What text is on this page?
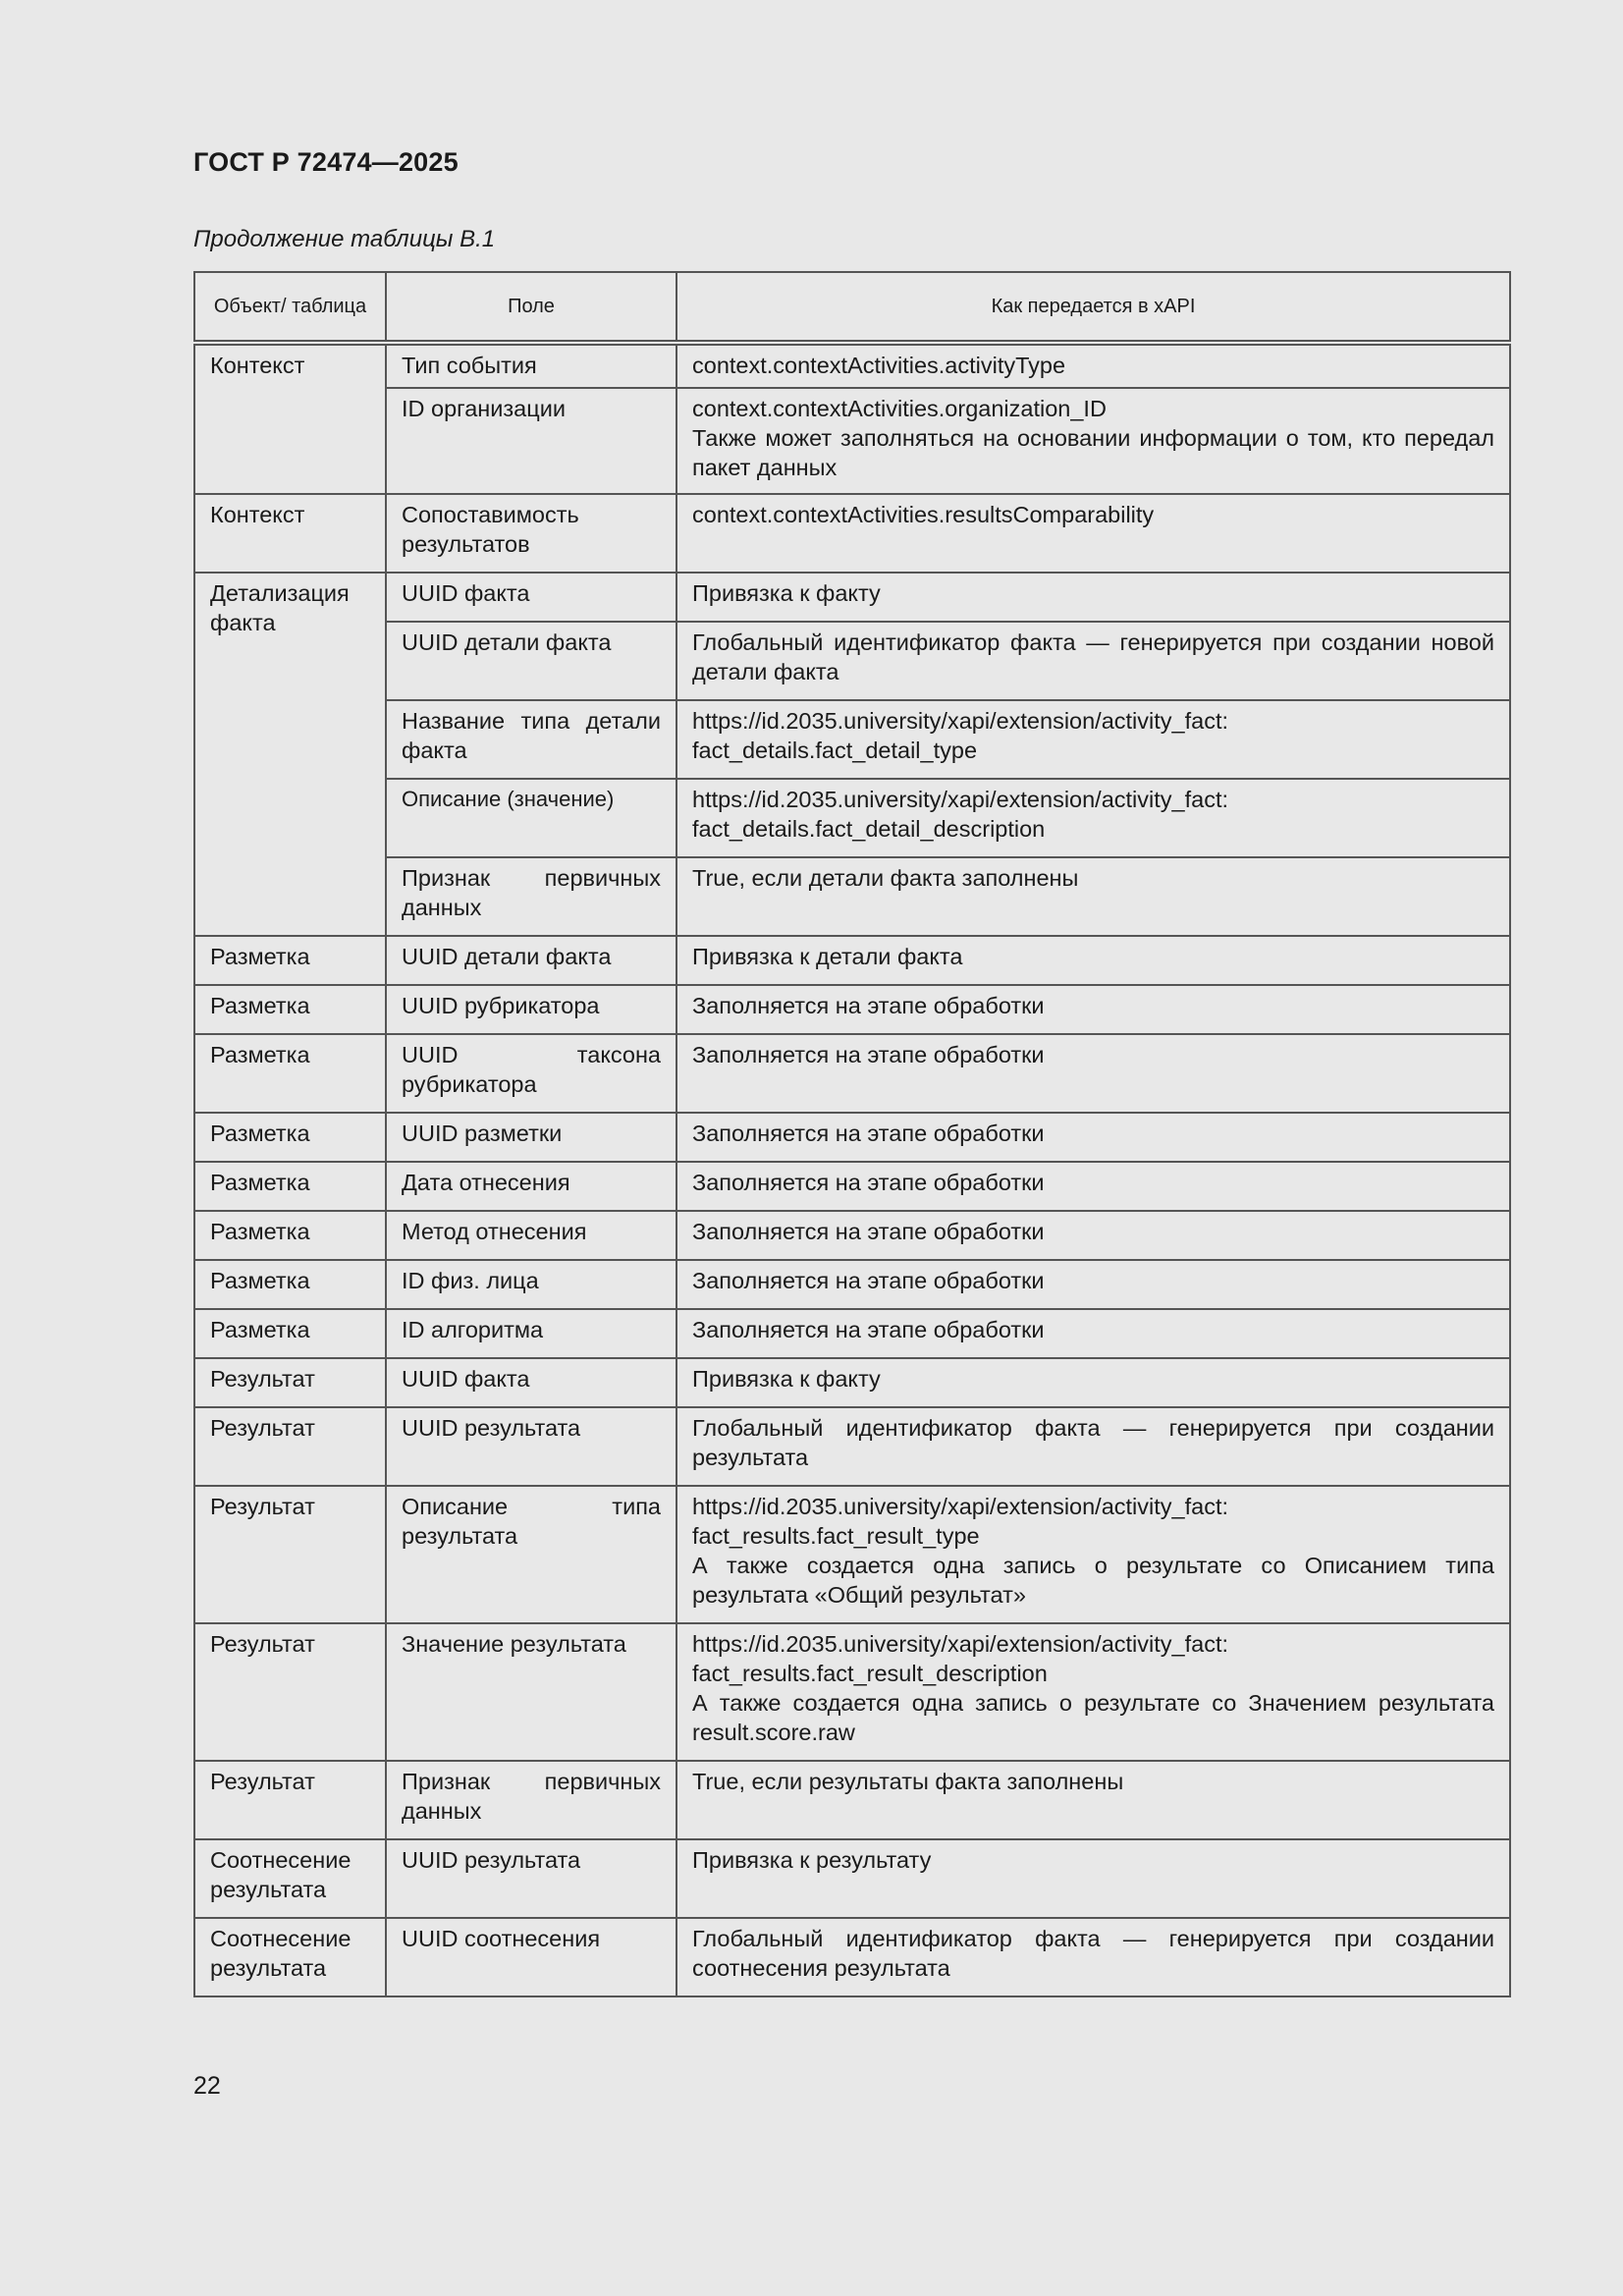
ГОСТ Р 72474—2025
Продолжение таблицы В.1
Объект/ таблица	Поле	Как передается в xAPI
Контекст	Тип события	context.contextActivities.activityType

	ID организации	context.contextActivities.organization_ID
Также может заполняться на основании информации о том, кто передал пакет данных

Контекст	Сопоставимость результатов	context.contextActivities.resultsComparability

Детализация факта	UUID факта	Привязка к факту

	UUID детали факта	Глобальный идентификатор факта — генерируется при создании новой детали факта

	Название типа детали факта	https://id.2035.university/xapi/extension/activity_fact:
fact_details.fact_detail_type

	Описание (значение)	https://id.2035.university/xapi/extension/activity_fact:
fact_details.fact_detail_description

	Признак первичных данных	True, если детали факта заполнены

Разметка	UUID детали факта	Привязка к детали факта

Разметка	UUID рубрикатора	Заполняется на этапе обработки

Разметка	UUID таксона рубрикатора	Заполняется на этапе обработки

Разметка	UUID разметки	Заполняется на этапе обработки

Разметка	Дата отнесения	Заполняется на этапе обработки

Разметка	Метод отнесения	Заполняется на этапе обработки

Разметка	ID физ. лица	Заполняется на этапе обработки

Разметка	ID алгоритма	Заполняется на этапе обработки

Результат	UUID факта	Привязка к факту

Результат	UUID результата	Глобальный идентификатор факта — генерируется при создании результата

Результат	Описание типа результата	https://id.2035.university/xapi/extension/activity_fact:
fact_results.fact_result_type
А также создается одна запись о результате со Описанием типа результата «Общий результат»

Результат	Значение результата	https://id.2035.university/xapi/extension/activity_fact:
fact_results.fact_result_description
А также создается одна запись о результате со Значением результата result.score.raw

Результат	Признак первичных данных	True, если результаты факта заполнены

Соотнесение результата	UUID результата	Привязка к результату

Соотнесение результата	UUID соотнесения	Глобальный идентификатор факта — генерируется при создании соотнесения результата
22
